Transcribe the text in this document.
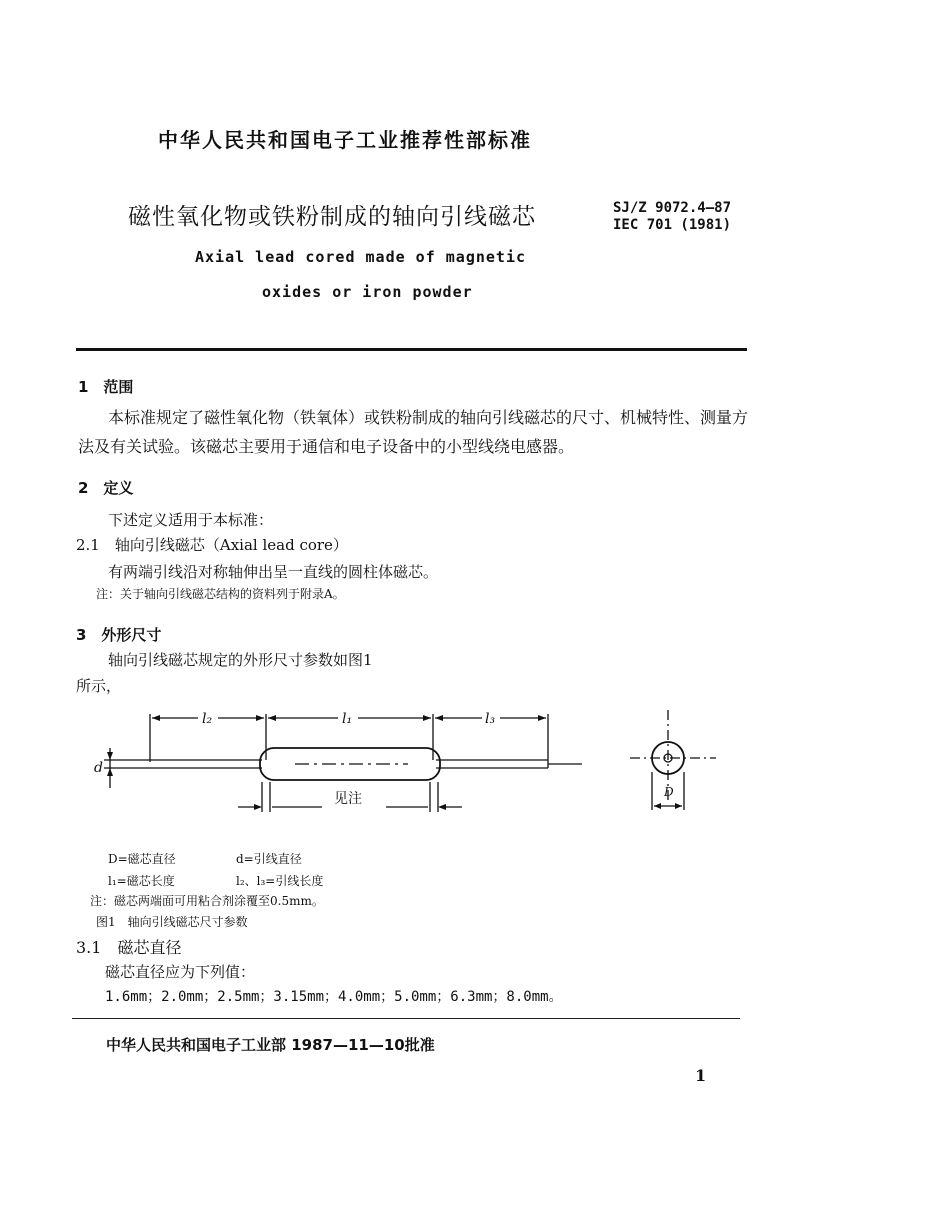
中华人民共和国电子工业推荐性部标准
磁性氧化物或铁粉制成的轴向引线磁芯	SJ/Z 9072.4—87
IEC 701 (1981)
Axial lead cored made of magnetic
oxides or iron powder
1　范围
本标准规定了磁性氧化物（铁氧体）或铁粉制成的轴向引线磁芯的尺寸、机械特性、测量方法及有关试验。该磁芯主要用于通信和电子设备中的小型线绕电感器。
2　定义
下述定义适用于本标准：
2.1　轴向引线磁芯（Axial lead core）
有两端引线沿对称轴伸出呈一直线的圆柱体磁芯。
注：关于轴向引线磁芯结构的资料列于附录A。
3　外形尺寸
轴向引线磁芯规定的外形尺寸参数如图1
所示，
l₂	l₁	l₃
d
D
见注
D=磁芯直径	d=引线直径
l₁=磁芯长度	l₂、l₃=引线长度
注：磁芯两端面可用粘合剂涂覆至0.5mm。
图1　轴向引线磁芯尺寸参数
3.1　磁芯直径
磁芯直径应为下列值：
1.6mm；2.0mm；2.5mm；3.15mm；4.0mm；5.0mm；6.3mm；8.0mm。
中华人民共和国电子工业部 1987—11—10批准
1
